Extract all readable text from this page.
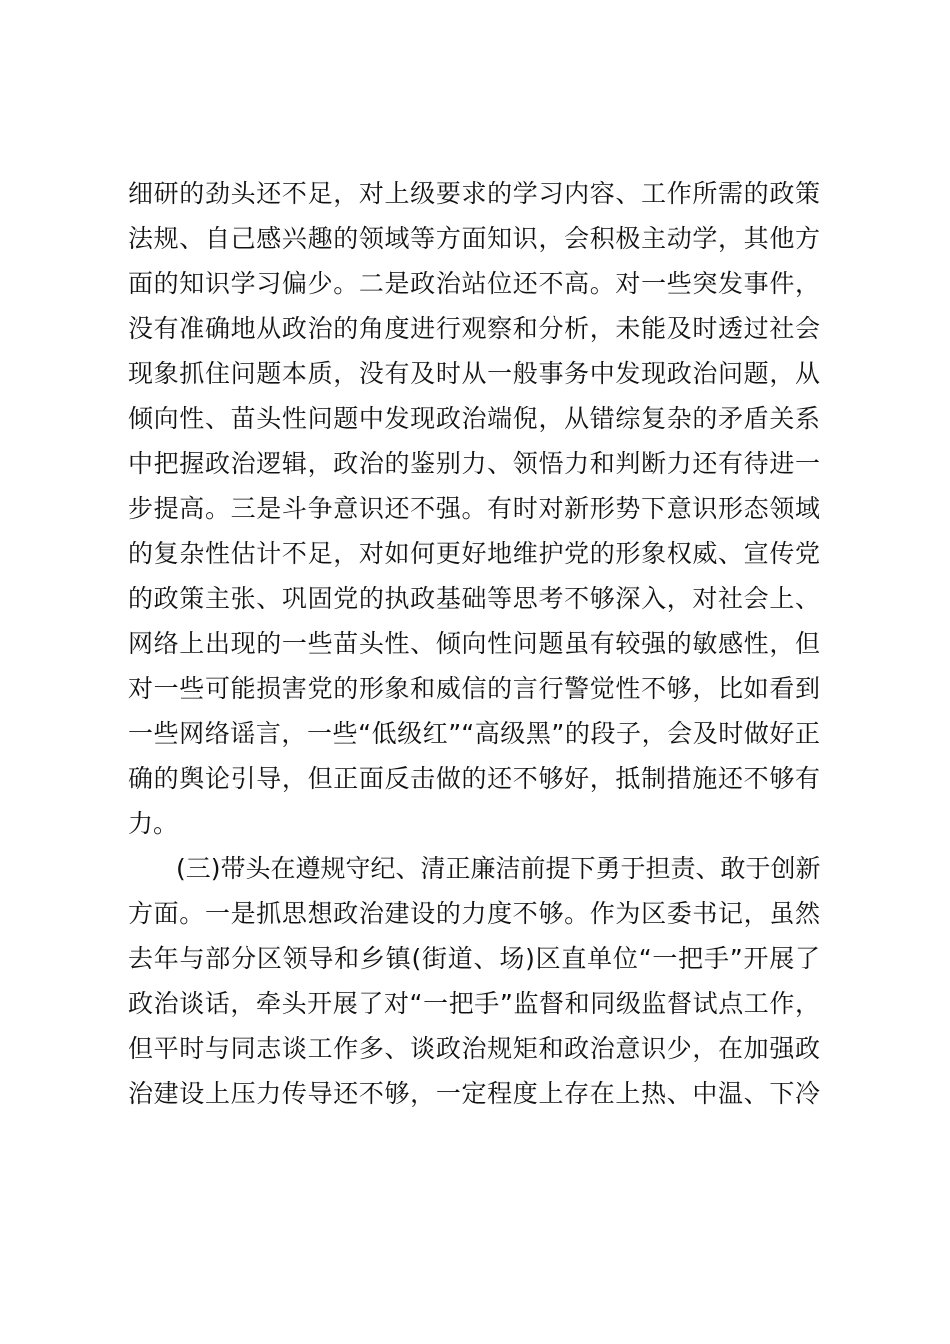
细研的劲头还不足，对上级要求的学习内容、工作所需的政策
法规、自己感兴趣的领域等方面知识，会积极主动学，其他方
面的知识学习偏少。二是政治站位还不高。对一些突发事件，
没有准确地从政治的角度进行观察和分析，未能及时透过社会
现象抓住问题本质，没有及时从一般事务中发现政治问题，从
倾向性、苗头性问题中发现政治端倪，从错综复杂的矛盾关系
中把握政治逻辑，政治的鉴别力、领悟力和判断力还有待进一
步提高。三是斗争意识还不强。有时对新形势下意识形态领域
的复杂性估计不足，对如何更好地维护党的形象权威、宣传党
的政策主张、巩固党的执政基础等思考不够深入，对社会上、
网络上出现的一些苗头性、倾向性问题虽有较强的敏感性，但
对一些可能损害党的形象和威信的言行警觉性不够，比如看到
一些网络谣言，一些“低级红”“高级黑”的段子，会及时做好正
确的舆论引导，但正面反击做的还不够好，抵制措施还不够有
力。
(三)带头在遵规守纪、清正廉洁前提下勇于担责、敢于创新
方面。一是抓思想政治建设的力度不够。作为区委书记，虽然
去年与部分区领导和乡镇(街道、场)区直单位“一把手”开展了
政治谈话，牵头开展了对“一把手”监督和同级监督试点工作，
但平时与同志谈工作多、谈政治规矩和政治意识少，在加强政
治建设上压力传导还不够，一定程度上存在上热、中温、下冷
